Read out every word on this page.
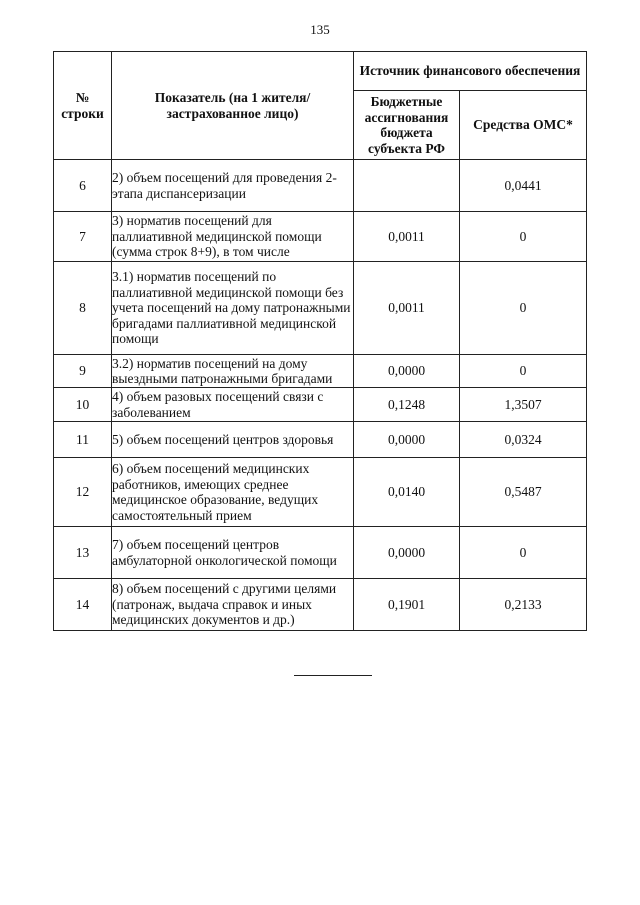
135
№ строки	Показатель (на 1 жителя/застрахованное лицо)	Источник финансового обеспечения	
		Бюджетные ассигнования бюджета субъекта РФ	Средства ОМС*
6	2) объем посещений для проведения 2-этапа диспансеризации		0,0441
7	3) норматив посещений для паллиативной медицинской помощи (сумма строк 8+9), в том числе	0,0011	0
8	3.1) норматив посещений по паллиативной медицинской помощи без учета посещений на дому патронажными бригадами паллиативной медицинской помощи	0,0011	0
9	3.2) норматив посещений на дому выездными патронажными бригадами	0,0000	0
10	4) объем разовых посещений связи с заболеванием	0,1248	1,3507
11	5) объем посещений центров здоровья	0,0000	0,0324
12	6) объем посещений медицинских работников, имеющих среднее медицинское образование, ведущих самостоятельный прием	0,0140	0,5487
13	7) объем посещений центров амбулаторной онкологической помощи	0,0000	0
14	8) объем посещений с другими целями (патронаж, выдача справок и иных медицинских документов и др.)	0,1901	0,2133
